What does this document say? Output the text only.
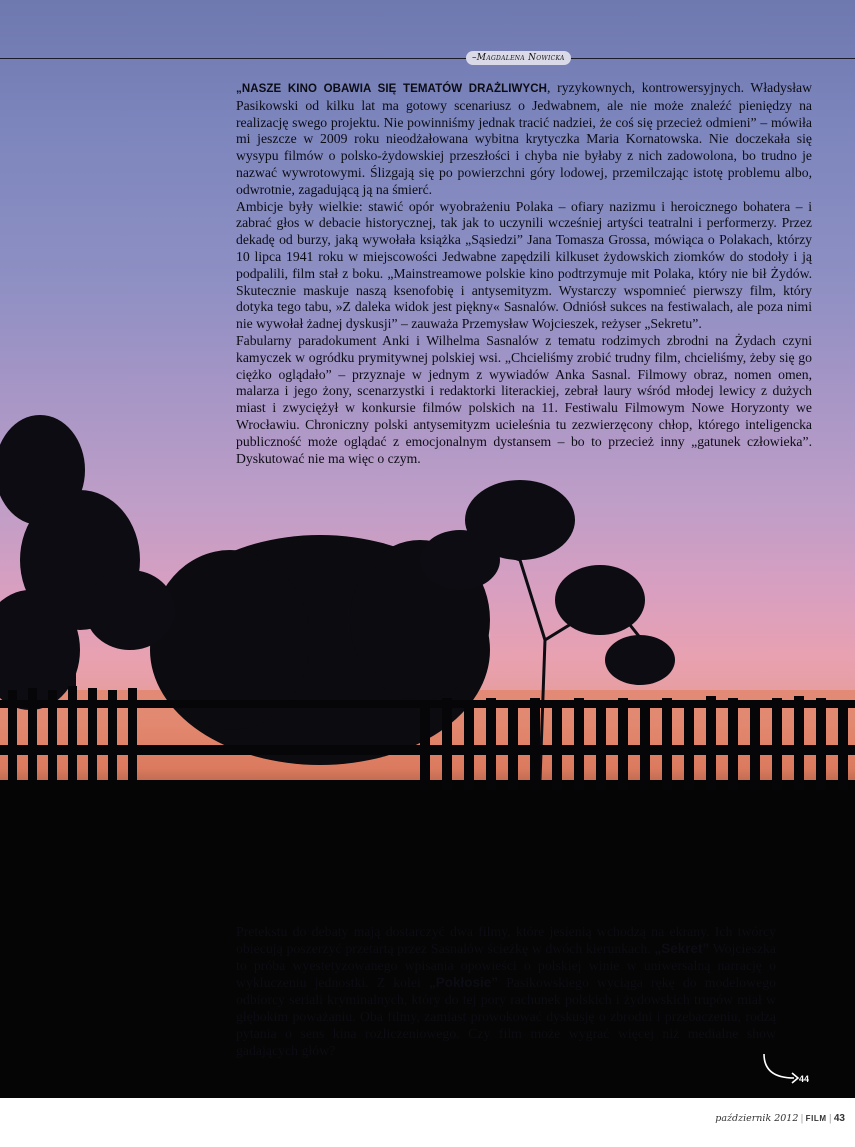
–Magdalena Nowicka

„NASZE KINO OBAWIA SIĘ TEMATÓW DRAŻLIWYCH, ryzykownych, kontrowersyjnych. Władysław Pasikowski od kilku lat ma gotowy scenariusz o Jedwabnem, ale nie może znaleźć pieniędzy na realizację swego projektu. Nie powinniśmy jednak tracić nadziei, że coś się przecież odmieni” – mówiła mi jeszcze w 2009 roku nieodżałowana wybitna krytyczka Maria Kornatowska. Nie doczekała się wysypu filmów o polsko-żydowskiej przeszłości i chyba nie byłaby z nich zadowolona, bo trudno je nazwać wywrotowymi. Ślizgają się po powierzchni góry lodowej, przemilczając istotę problemu albo, odwrotnie, zagadującą ją na śmierć.

Ambicje były wielkie: stawić opór wyobrażeniu Polaka – ofiary nazizmu i heroicznego bohatera – i zabrać głos w debacie historycznej, tak jak to uczynili wcześniej artyści teatralni i performerzy. Przez dekadę od burzy, jaką wywołała książka „Sąsiedzi” Jana Tomasza Grossa, mówiąca o Polakach, którzy 10 lipca 1941 roku w miejscowości Jedwabne zapędzili kilkuset żydowskich ziomków do stodoły i ją podpalili, film stał z boku. „Mainstreamowe polskie kino podtrzymuje mit Polaka, który nie bił Żydów. Skutecznie maskuje naszą ksenofobię i antysemityzm. Wystarczy wspomnieć pierwszy film, który dotyka tego tabu, »Z daleka widok jest piękny« Sasnalów. Odniósł sukces na festiwalach, ale poza nimi nie wywołał żadnej dyskusji” – zauważa Przemysław Wojcieszek, reżyser „Sekretu”.

Fabularny paradokument Anki i Wilhelma Sasnalów z tematu rodzimych zbrodni na Żydach czyni kamyczek w ogródku prymitywnej polskiej wsi. „Chcieliśmy zrobić trudny film, chcieliśmy, żeby się go ciężko oglądało” – przyznaje w jednym z wywiadów Anka Sasnal. Filmowy obraz, nomen omen, malarza i jego żony, scenarzystki i redaktorki literackiej, zebrał laury wśród młodej lewicy z dużych miast i zwyciężył w konkursie filmów polskich na 11. Festiwalu Filmowym Nowe Horyzonty we Wrocławiu. Chroniczny polski antysemityzm ucieleśnia tu zezwierzęcony chłop, którego inteligencka publiczność może oglądać z emocjonalnym dystansem – bo to przecież inny „gatunek człowieka”. Dyskutować nie ma więc o czym.

Pretekstu do debaty mają dostarczyć dwa filmy, które jesienią wchodzą na ekrany. Ich twórcy obiecują poszerzyć przetartą przez Sasnalów ścieżkę w dwóch kierunkach. „Sekret” Wojcieszka to próba wyestetyzowanego wpisania opowieści o polskiej winie w uniwersalną narrację o wykluczeniu jednostki. Z kolei „Pokłosie” Pasikowskiego wyciąga rękę do modelowego odbiorcy seriali kryminalnych, który do tej pory rachunek polskich i żydowskich trupów miał w głębokim poważaniu. Oba filmy, zamiast prowokować dyskusję o zbrodni i przebaczeniu, rodzą pytania o sens kina rozliczeniowego. Czy film może wygrać więcej niż medialne show gadających głów?

44
październik 2012 | FILM | 43
